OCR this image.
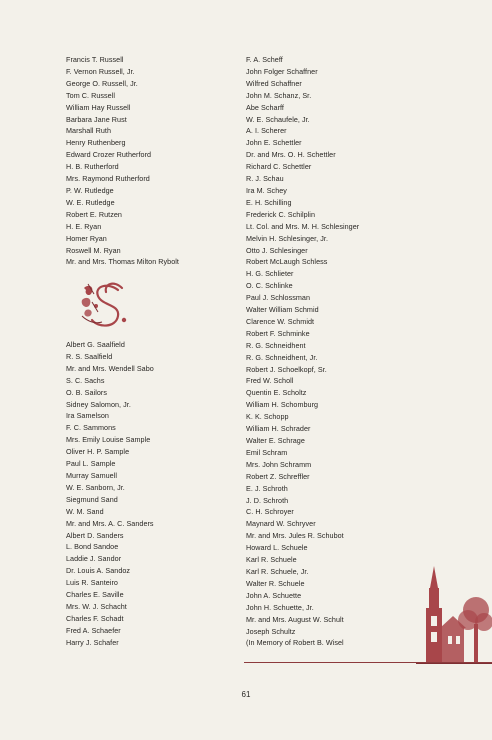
Francis T. Russell
F. Vernon Russell, Jr.
George O. Russell, Jr.
Tom C. Russell
William Hay Russell
Barbara Jane Rust
Marshall Ruth
Henry Ruthenberg
Edward Crozer Rutherford
H. B. Rutherford
Mrs. Raymond Rutherford
P. W. Rutledge
W. E. Rutledge
Robert E. Rutzen
H. E. Ryan
Homer Ryan
Roswell M. Ryan
Mr. and Mrs. Thomas Milton Rybolt
Albert G. Saalfield
R. S. Saalfield
Mr. and Mrs. Wendell Sabo
S. C. Sachs
O. B. Sailors
Sidney Salomon, Jr.
Ira Samelson
F. C. Sammons
Mrs. Emily Louise Sample
Oliver H. P. Sample
Paul L. Sample
Murray Samuell
W. E. Sanborn, Jr.
Siegmund Sand
W. M. Sand
Mr. and Mrs. A. C. Sanders
Albert D. Sanders
L. Bond Sandoe
Laddie J. Sandor
Dr. Louis A. Sandoz
Luis R. Santeiro
Charles E. Saville
Mrs. W. J. Schacht
Charles F. Schadt
Fred A. Schaefer
Harry J. Schafer
F. A. Scheff
John Folger Schaffner
Wilfred Schaffner
John M. Schanz, Sr.
Abe Scharff
W. E. Schaufele, Jr.
A. I. Scherer
John E. Schettler
Dr. and Mrs. O. H. Schettler
Richard C. Schettler
R. J. Schau
Ira M. Schey
E. H. Schilling
Frederick C. Schilplin
Lt. Col. and Mrs. M. H. Schlesinger
Melvin H. Schlesinger, Jr.
Otto J. Schlesinger
Robert McLaugh Schless
H. G. Schlieter
O. C. Schlinke
Paul J. Schlossman
Walter William Schmid
Clarence W. Schmidt
Robert F. Schminke
R. G. Schneidhent
R. G. Schneidhent, Jr.
Robert J. Schoelkopf, Sr.
Fred W. Scholl
Quentin E. Scholtz
William H. Schomburg
K. K. Schopp
William H. Schrader
Walter E. Schrage
Emil Schram
Mrs. John Schramm
Robert Z. Schreffler
E. J. Schroth
J. D. Schroth
C. H. Schroyer
Maynard W. Schryver
Mr. and Mrs. Jules R. Schubot
Howard L. Schuele
Karl R. Schuele
Karl R. Schuele, Jr.
Walter R. Schuele
John A. Schuette
John H. Schuette, Jr.
Mr. and Mrs. August W. Schult
Joseph Schultz
(In Memory of Robert B. Wisel
61
